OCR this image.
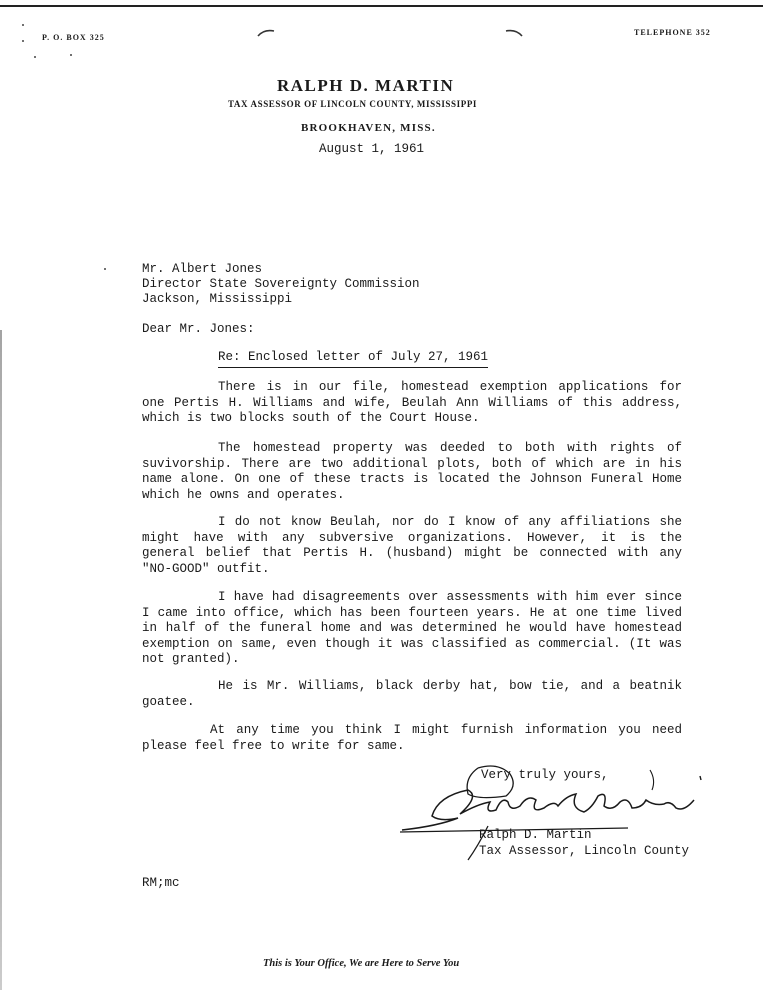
P. O. BOX 325
TELEPHONE 352
RALPH D. MARTIN
TAX ASSESSOR OF LINCOLN COUNTY, MISSISSIPPI
BROOKHAVEN, MISS.
August 1, 1961
Mr. Albert Jones
Director State Sovereignty Commission
Jackson, Mississippi
Dear Mr. Jones:
Re: Enclosed letter of July 27, 1961
There is in our file, homestead exemption applications for one Pertis H. Williams and wife, Beulah Ann Williams of this address, which is two blocks south of the Court House.
The homestead property was deeded to both with rights of suvivorship. There are two additional plots, both of which are in his name alone. On one of these tracts is located the Johnson Funeral Home which he owns and operates.
I do not know Beulah, nor do I know of any affiliations she might have with any subversive organizations. However, it is the general belief that Pertis H. (husband) might be connected with any "NO-GOOD" outfit.
I have had disagreements over assessments with him ever since I came into office, which has been fourteen years. He at one time lived in half of the funeral home and was determined he would have homestead exemption on same, even though it was classified as commercial. (It was not granted).
He is Mr. Williams, black derby hat, bow tie, and a beatnik goatee.
At any time you think I might furnish information you need please feel free to write for same.
Very truly yours,
Ralph D. Martin
Tax Assessor, Lincoln County
RM;mc
This is Your Office, We are Here to Serve You
